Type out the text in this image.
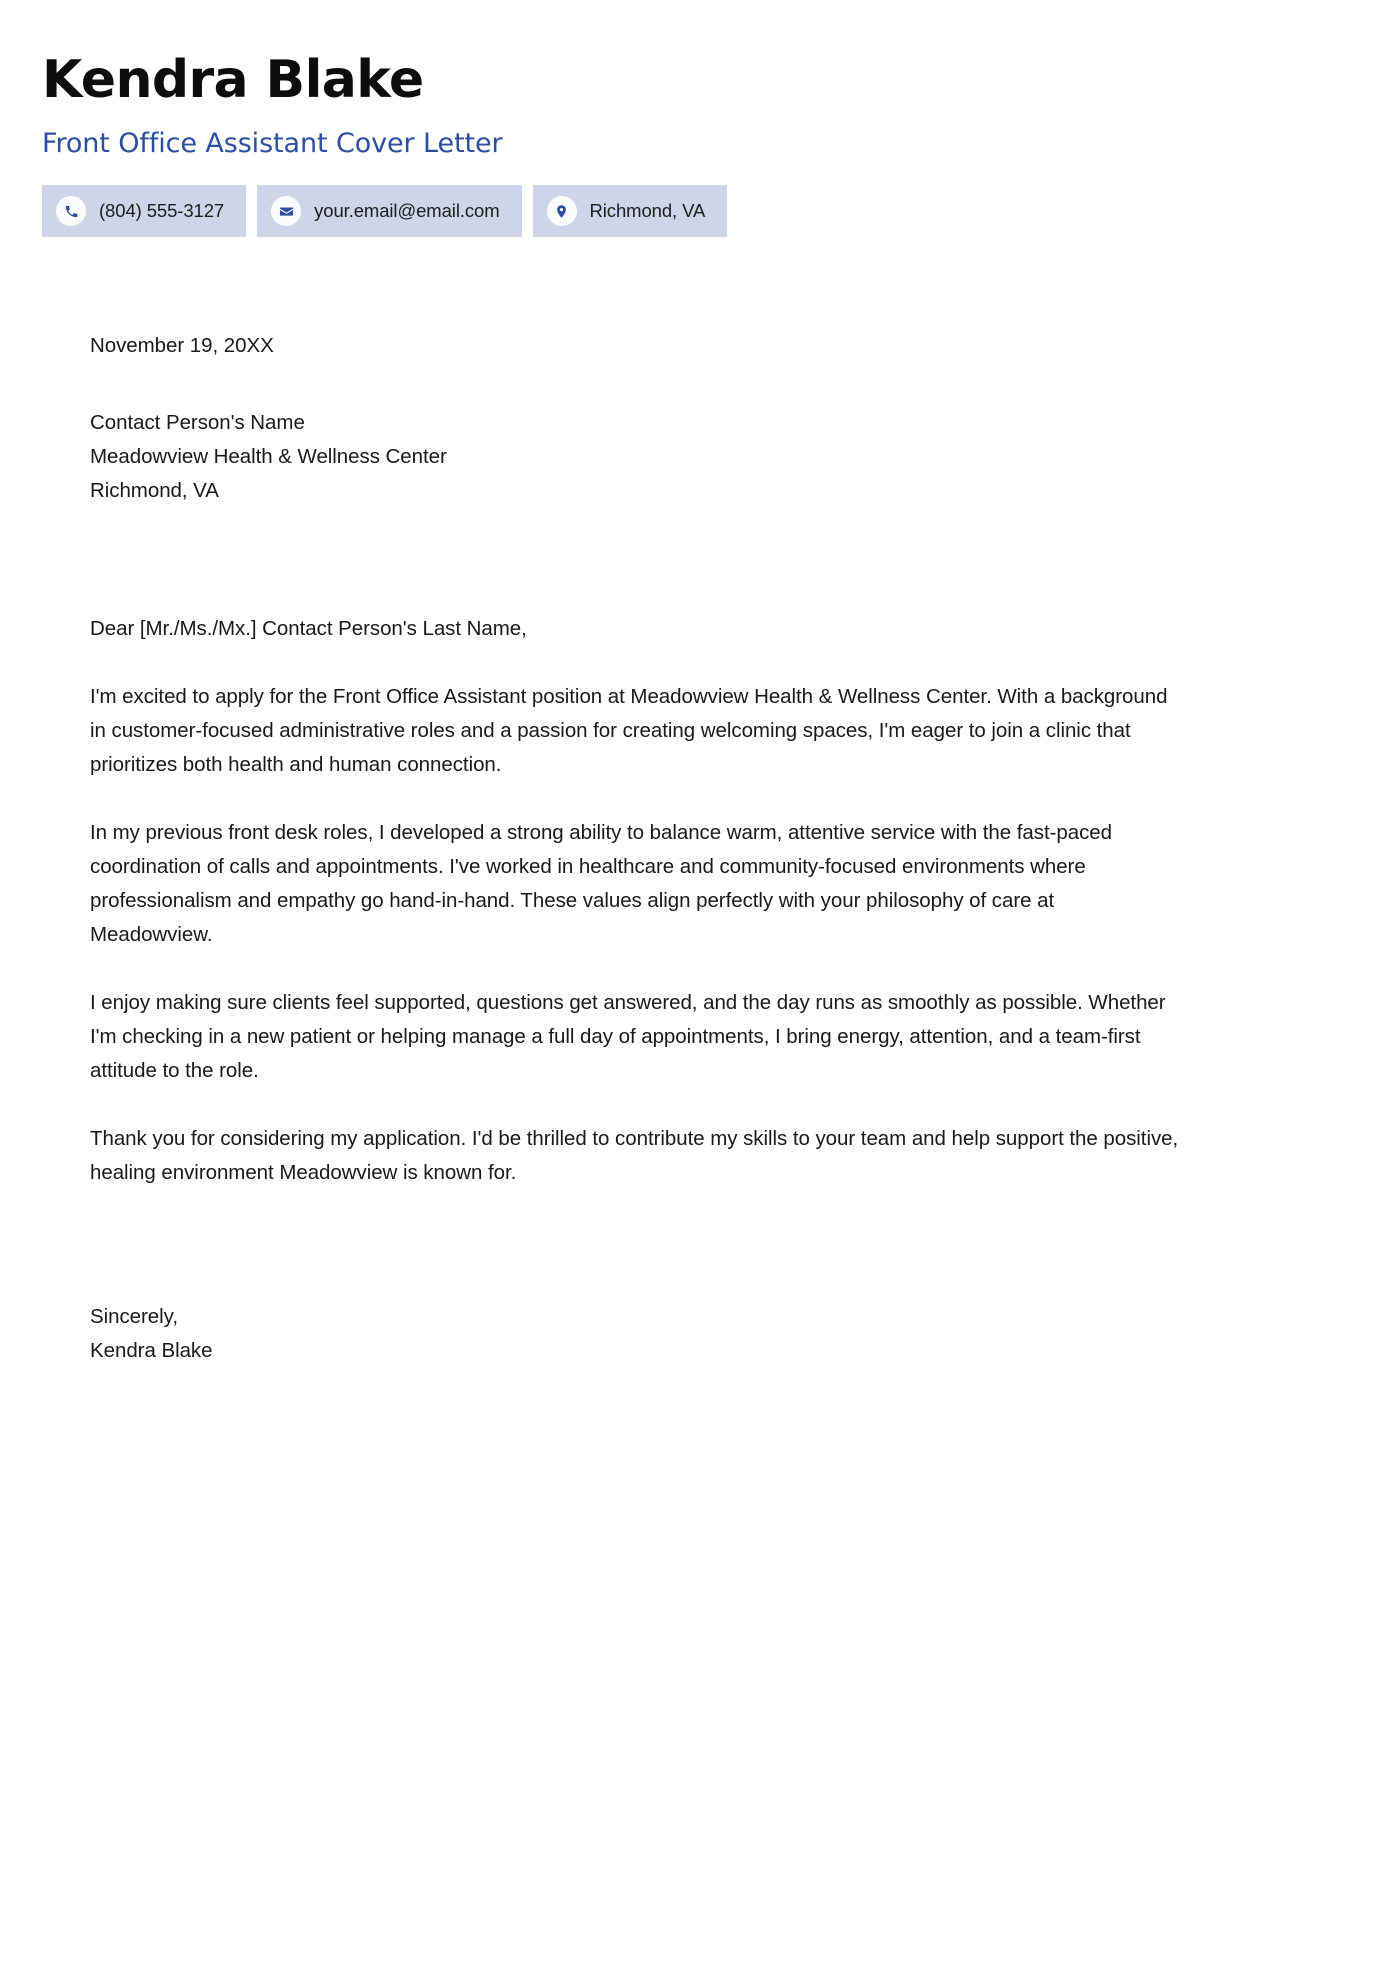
Kendra Blake
Front Office Assistant Cover Letter
(804) 555-3127	your.email@email.com	Richmond, VA
November 19, 20XX
Contact Person's Name
Meadowview Health & Wellness Center
Richmond, VA
Dear [Mr./Ms./Mx.] Contact Person's Last Name,

I'm excited to apply for the Front Office Assistant position at Meadowview Health & Wellness Center. With a background in customer-focused administrative roles and a passion for creating welcoming spaces, I'm eager to join a clinic that prioritizes both health and human connection.

In my previous front desk roles, I developed a strong ability to balance warm, attentive service with the fast-paced coordination of calls and appointments. I've worked in healthcare and community-focused environments where professionalism and empathy go hand-in-hand. These values align perfectly with your philosophy of care at Meadowview.

I enjoy making sure clients feel supported, questions get answered, and the day runs as smoothly as possible. Whether I'm checking in a new patient or helping manage a full day of appointments, I bring energy, attention, and a team-first attitude to the role.

Thank you for considering my application. I'd be thrilled to contribute my skills to your team and help support the positive, healing environment Meadowview is known for.

Sincerely,
Kendra Blake
